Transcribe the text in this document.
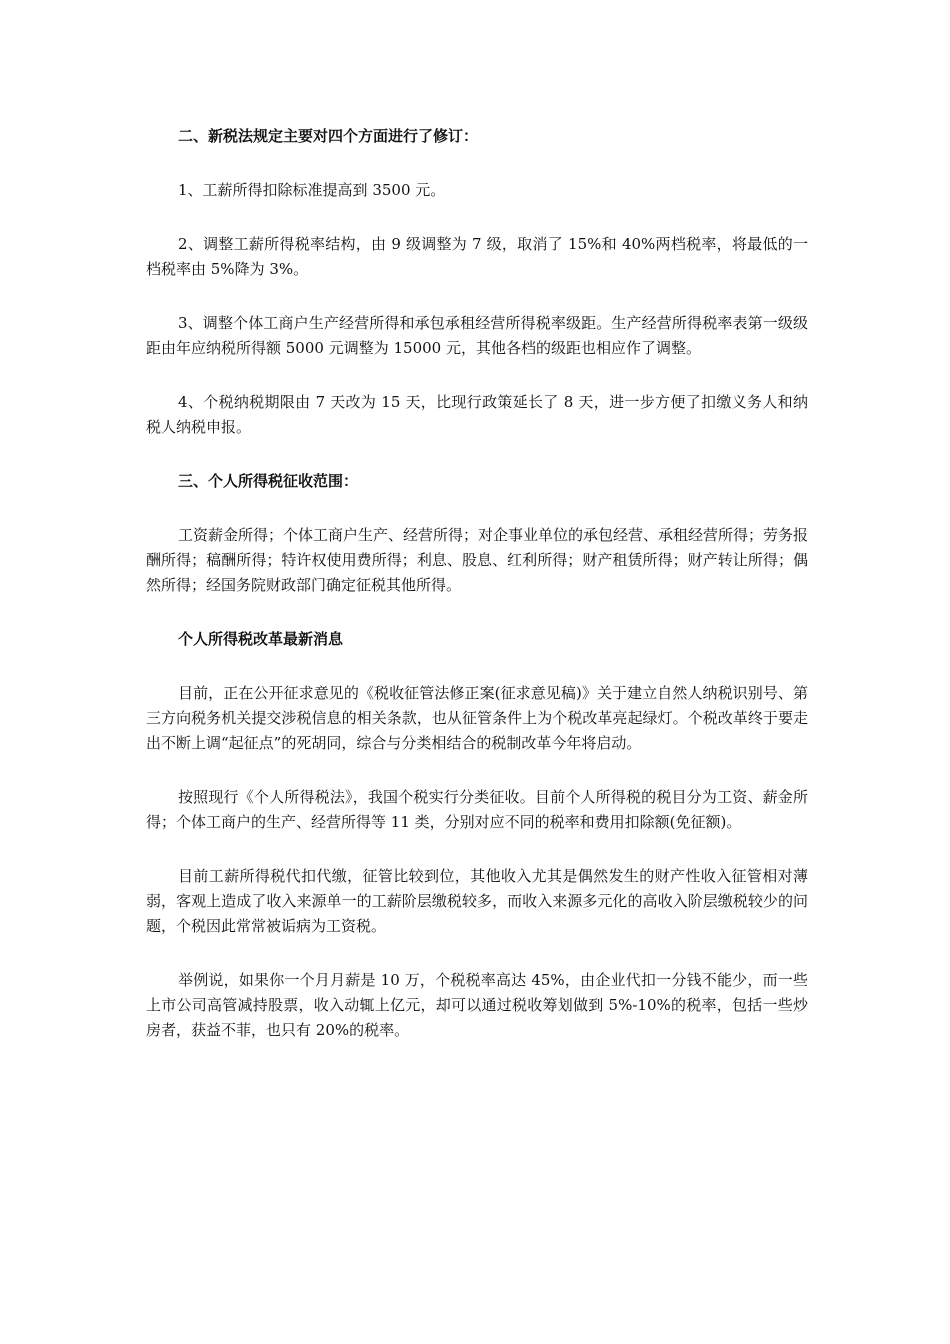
二、新税法规定主要对四个方面进行了修订：

1、工薪所得扣除标准提高到 3500 元。

2、调整工薪所得税率结构，由 9 级调整为 7 级，取消了 15%和 40%两档税率，将最低的一档税率由 5%降为 3%。

3、调整个体工商户生产经营所得和承包承租经营所得税率级距。生产经营所得税率表第一级级距由年应纳税所得额 5000 元调整为 15000 元，其他各档的级距也相应作了调整。

4、个税纳税期限由 7 天改为 15 天，比现行政策延长了 8 天，进一步方便了扣缴义务人和纳税人纳税申报。

三、个人所得税征收范围：

工资薪金所得；个体工商户生产、经营所得；对企事业单位的承包经营、承租经营所得；劳务报酬所得；稿酬所得；特许权使用费所得；利息、股息、红利所得；财产租赁所得；财产转让所得；偶然所得；经国务院财政部门确定征税其他所得。

个人所得税改革最新消息

目前，正在公开征求意见的《税收征管法修正案(征求意见稿)》关于建立自然人纳税识别号、第三方向税务机关提交涉税信息的相关条款，也从征管条件上为个税改革亮起绿灯。个税改革终于要走出不断上调“起征点”的死胡同，综合与分类相结合的税制改革今年将启动。

按照现行《个人所得税法》，我国个税实行分类征收。目前个人所得税的税目分为工资、薪金所得；个体工商户的生产、经营所得等 11 类，分别对应不同的税率和费用扣除额(免征额)。

目前工薪所得税代扣代缴，征管比较到位，其他收入尤其是偶然发生的财产性收入征管相对薄弱，客观上造成了收入来源单一的工薪阶层缴税较多，而收入来源多元化的高收入阶层缴税较少的问题，个税因此常常被诟病为工资税。

举例说，如果你一个月月薪是 10 万，个税税率高达 45%，由企业代扣一分钱不能少，而一些上市公司高管减持股票，收入动辄上亿元，却可以通过税收筹划做到 5%-10%的税率，包括一些炒房者，获益不菲，也只有 20%的税率。
